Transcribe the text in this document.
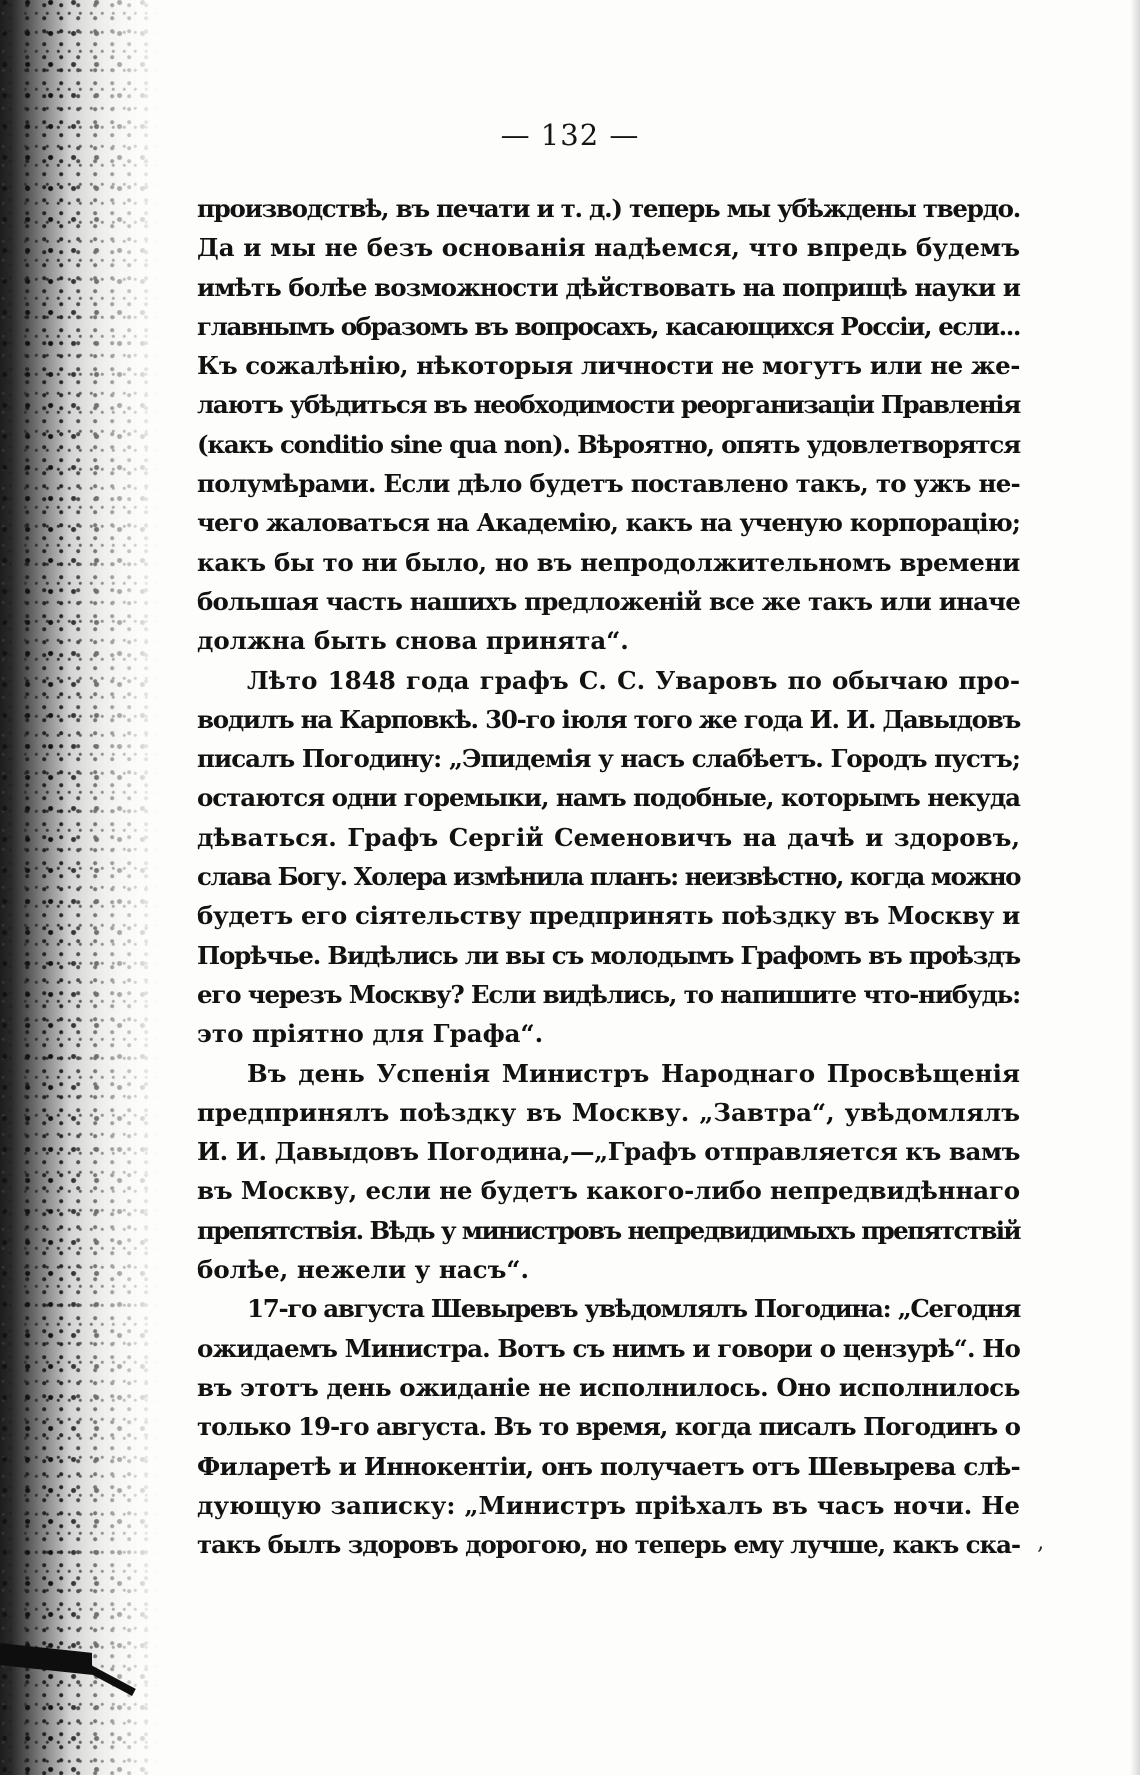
— 132 —
производствѣ, въ печати и т. д.) теперь мы убѣждены твердо.
Да и мы не безъ основанія надѣемся, что впредь будемъ
имѣть болѣе возможности дѣйствовать на поприщѣ науки и
главнымъ образомъ въ вопросахъ, касающихся Россіи, если...
Къ сожалѣнію, нѣкоторыя личности не могутъ или не же-
лаютъ убѣдиться въ необходимости реорганизаціи Правленія
(какъ conditio sine qua non). Вѣроятно, опять удовлетворятся
полумѣрами. Если дѣло будетъ поставлено такъ, то ужъ не-
чего жаловаться на Академію, какъ на ученую корпорацію;
какъ бы то ни было, но въ непродолжительномъ времени
большая часть нашихъ предложеній все же такъ или иначе
должна быть снова принята“.
Лѣто 1848 года графъ С. С. Уваровъ по обычаю про-
водилъ на Карповкѣ. 30-го іюля того же года И. И. Давыдовъ
писалъ Погодину: „Эпидемія у насъ слабѣетъ. Городъ пустъ;
остаются одни горемыки, намъ подобные, которымъ некуда
дѣваться. Графъ Сергій Семеновичъ на дачѣ и здоровъ,
слава Богу. Холера измѣнила планъ: неизвѣстно, когда можно
будетъ его сіятельству предпринять поѣздку въ Москву и
Порѣчье. Видѣлись ли вы съ молодымъ Графомъ въ проѣздъ
его черезъ Москву? Если видѣлись, то напишите что-нибудь:
это пріятно для Графа“.
Въ день Успенія Министръ Народнаго Просвѣщенія
предпринялъ поѣздку въ Москву. „Завтра“, увѣдомлялъ
И. И. Давыдовъ Погодина,—„Графъ отправляется къ вамъ
въ Москву, если не будетъ какого-либо непредвидѣннаго
препятствія. Вѣдь у министровъ непредвидимыхъ препятствій
болѣе, нежели у насъ“.
17-го августа Шевыревъ увѣдомлялъ Погодина: „Сегодня
ожидаемъ Министра. Вотъ съ нимъ и говори о цензурѣ“. Но
въ этотъ день ожиданіе не исполнилось. Оно исполнилось
только 19-го августа. Въ то время, когда писалъ Погодинъ о
Филаретѣ и Иннокентіи, онъ получаетъ отъ Шевырева слѣ-
дующую записку: „Министръ пріѣхалъ въ часъ ночи. Не
такъ былъ здоровъ дорогою, но теперь ему лучше, какъ ска- ‚
